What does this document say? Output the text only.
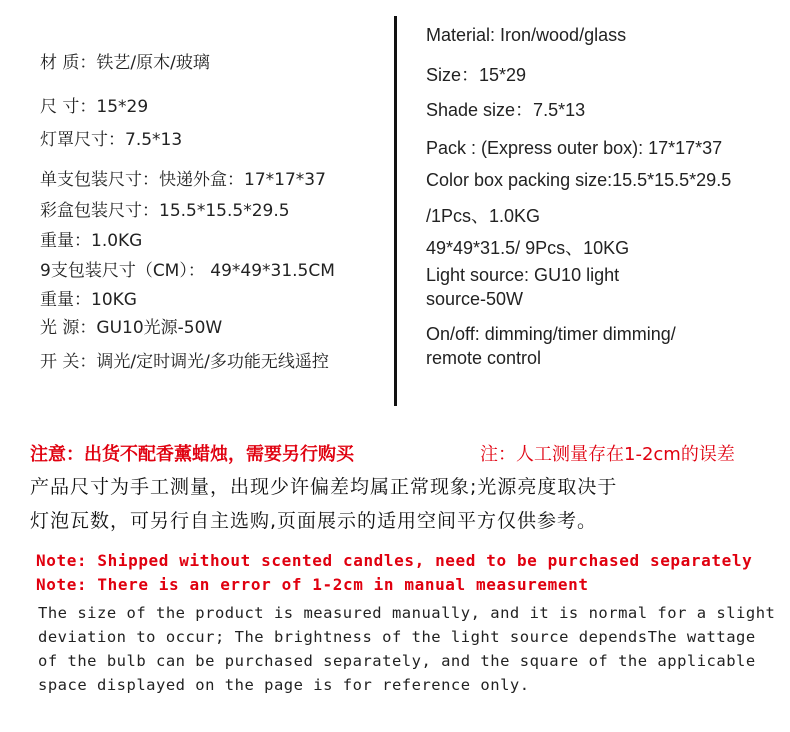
材 质：铁艺/原木/玻璃
尺 寸：15*29
灯罩尺寸：7.5*13
单支包装尺寸：快递外盒：17*17*37
彩盒包装尺寸：15.5*15.5*29.5
重量：1.0KG
9支包装尺寸（CM）： 49*49*31.5CM
重量：10KG
光 源：GU10光源-50W
开 关：调光/定时调光/多功能无线遥控
Material: Iron/wood/glass
Size：15*29
Shade size：7.5*13
Pack : (Express outer box): 17*17*37
Color box packing size:15.5*15.5*29.5
/1Pcs、1.0KG
49*49*31.5/ 9Pcs、10KG
Light source: GU10 light
source-50W
On/off: dimming/timer dimming/
remote control
注意：出货不配香薰蜡烛，需要另行购买	注：人工测量存在1-2cm的误差
产品尺寸为手工测量，出现少许偏差均属正常现象;光源亮度取决于
灯泡瓦数，可另行自主选购,页面展示的适用空间平方仅供参考。
Note: Shipped without scented candles, need to be purchased separately
Note: There is an error of 1-2cm in manual measurement
The size of the product is measured manually, and it is normal for a slight
deviation to occur; The brightness of the light source dependsThe wattage
of the bulb can be purchased separately, and the square of the applicable
space displayed on the page is for reference only.
